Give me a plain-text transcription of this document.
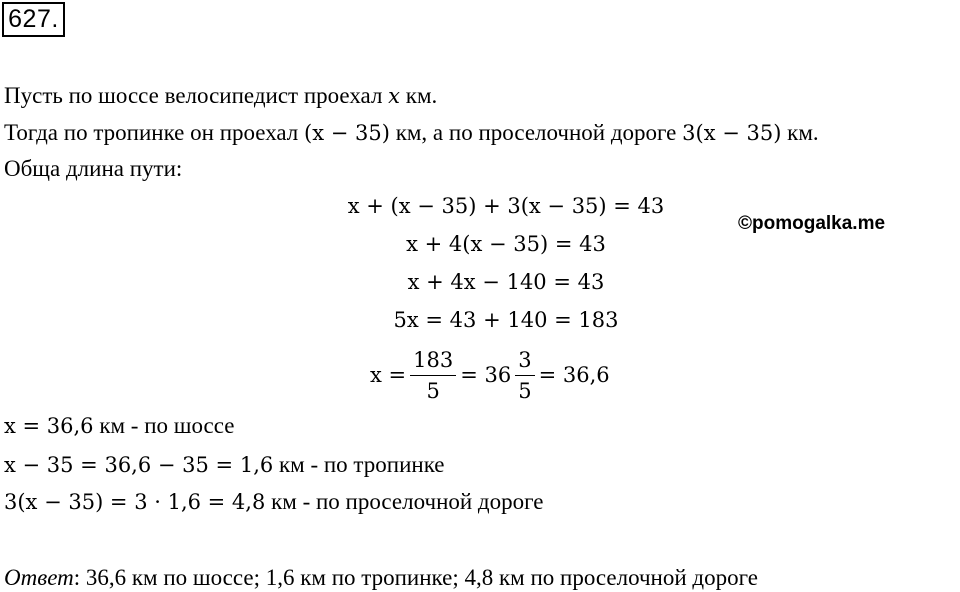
627.
Пусть по шоссе велосипедист проехал x км.
Тогда по тропинке он проехал (x − 35) км, а по проселочной дороге 3(x − 35) км.
Обща длина пути:
x + (x − 35) + 3(x − 35) = 43
x + 4(x − 35) = 43
x + 4x − 140 = 43
5x = 43 + 140 = 183
©pomogalka.me
$x = \frac{183}{5} = 36 \frac{3}{5} = 36,6$
x = 36,6 км - по шоссе
x − 35 = 36,6 − 35 = 1,6 км - по тропинке
3(x − 35) = 3 · 1,6 = 4,8 км - по проселочной дороге
Ответ: 36,6 км по шоссе; 1,6 км по тропинке; 4,8 км по проселочной дороге
